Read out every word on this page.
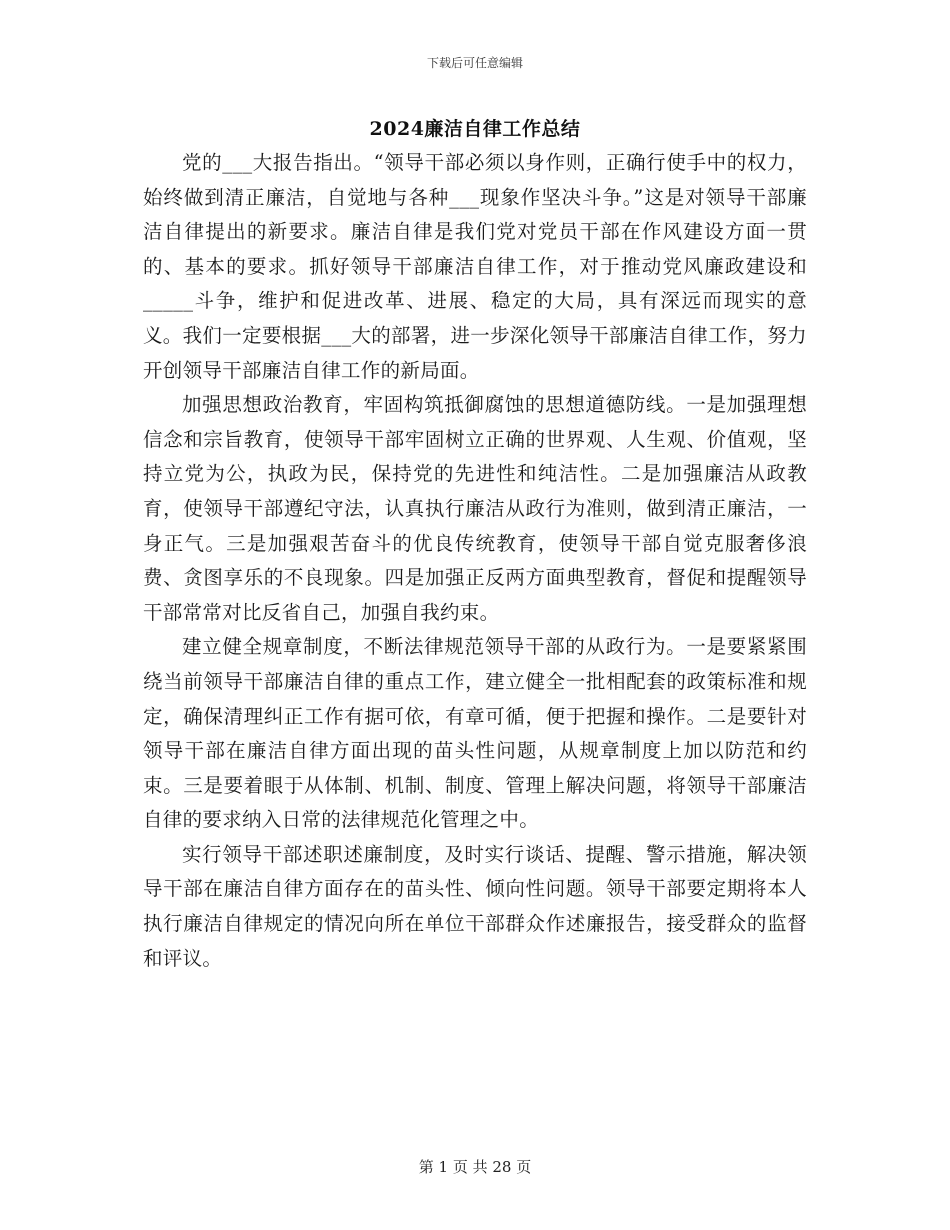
下载后可任意编辑
2024廉洁自律工作总结

党的___大报告指出。“领导干部必须以身作则，正确行使手中的权力，始终做到清正廉洁，自觉地与各种___现象作坚决斗争。”这是对领导干部廉洁自律提出的新要求。廉洁自律是我们党对党员干部在作风建设方面一贯的、基本的要求。抓好领导干部廉洁自律工作，对于推动党风廉政建设和_____斗争，维护和促进改革、进展、稳定的大局，具有深远而现实的意义。我们一定要根据___大的部署，进一步深化领导干部廉洁自律工作，努力开创领导干部廉洁自律工作的新局面。

加强思想政治教育，牢固构筑抵御腐蚀的思想道德防线。一是加强理想信念和宗旨教育，使领导干部牢固树立正确的世界观、人生观、价值观，坚持立党为公，执政为民，保持党的先进性和纯洁性。二是加强廉洁从政教育，使领导干部遵纪守法，认真执行廉洁从政行为准则，做到清正廉洁，一身正气。三是加强艰苦奋斗的优良传统教育，使领导干部自觉克服奢侈浪费、贪图享乐的不良现象。四是加强正反两方面典型教育，督促和提醒领导干部常常对比反省自己，加强自我约束。

建立健全规章制度，不断法律规范领导干部的从政行为。一是要紧紧围绕当前领导干部廉洁自律的重点工作，建立健全一批相配套的政策标准和规定，确保清理纠正工作有据可依，有章可循，便于把握和操作。二是要针对领导干部在廉洁自律方面出现的苗头性问题，从规章制度上加以防范和约束。三是要着眼于从体制、机制、制度、管理上解决问题，将领导干部廉洁自律的要求纳入日常的法律规范化管理之中。

实行领导干部述职述廉制度，及时实行谈话、提醒、警示措施，解决领导干部在廉洁自律方面存在的苗头性、倾向性问题。领导干部要定期将本人执行廉洁自律规定的情况向所在单位干部群众作述廉报告，接受群众的监督和评议。

第 1 页 共 28 页
